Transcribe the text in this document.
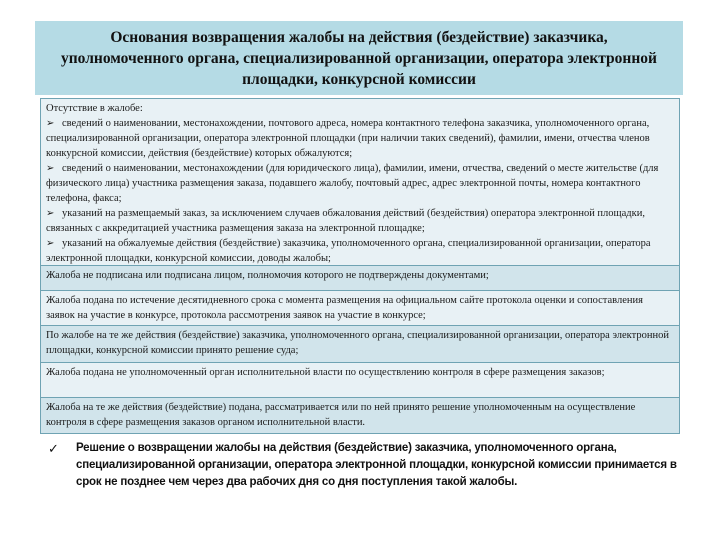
Основания возвращения жалобы на действия (бездействие) заказчика, уполномоченного органа, специализированной организации, оператора электронной площадки, конкурсной комиссии
Отсутствие в жалобе:
➢ сведений о наименовании, местонахождении, почтового адреса, номера контактного телефона заказчика, уполномоченного органа, специализированной организации, оператора электронной площадки (при наличии таких сведений), фамилии, имени, отчества членов конкурсной комиссии, действия (бездействие) которых обжалуются;
➢ сведений о наименовании, местонахождении (для юридического лица), фамилии, имени, отчества, сведений о месте жительстве (для физического лица) участника размещения заказа, подавшего жалобу, почтовый адрес, адрес электронной почты, номера контактного телефона, факса;
➢ указаний на размещаемый заказ, за исключением случаев обжалования действий (бездействия) оператора электронной площадки, связанных с аккредитацией участника размещения заказа на электронной площадке;
➢ указаний на обжалуемые действия (бездействие) заказчика, уполномоченного органа, специализированной организации, оператора электронной площадки, конкурсной комиссии, доводы жалобы;
Жалоба не подписана или подписана лицом, полномочия которого не подтверждены документами;
Жалоба подана по истечение десятидневного срока с момента размещения на официальном сайте протокола оценки и сопоставления заявок на участие в конкурсе, протокола рассмотрения заявок на участие в конкурсе;
По жалобе на те же действия (бездействие) заказчика, уполномоченного органа, специализированной организации, оператора электронной площадки, конкурсной комиссии принято решение суда;
Жалоба подана не уполномоченный орган исполнительной власти по осуществлению контроля в сфере размещения заказов;
Жалоба на те же действия (бездействие) подана, рассматривается или по ней принято решение уполномоченным на осуществление контроля в сфере размещения заказов органом исполнительной власти.
✓	Решение о возвращении жалобы на действия (бездействие) заказчика, уполномоченного органа, специализированной организации, оператора электронной площадки, конкурсной комиссии принимается в срок не позднее чем через два рабочих дня со дня поступления такой жалобы.
